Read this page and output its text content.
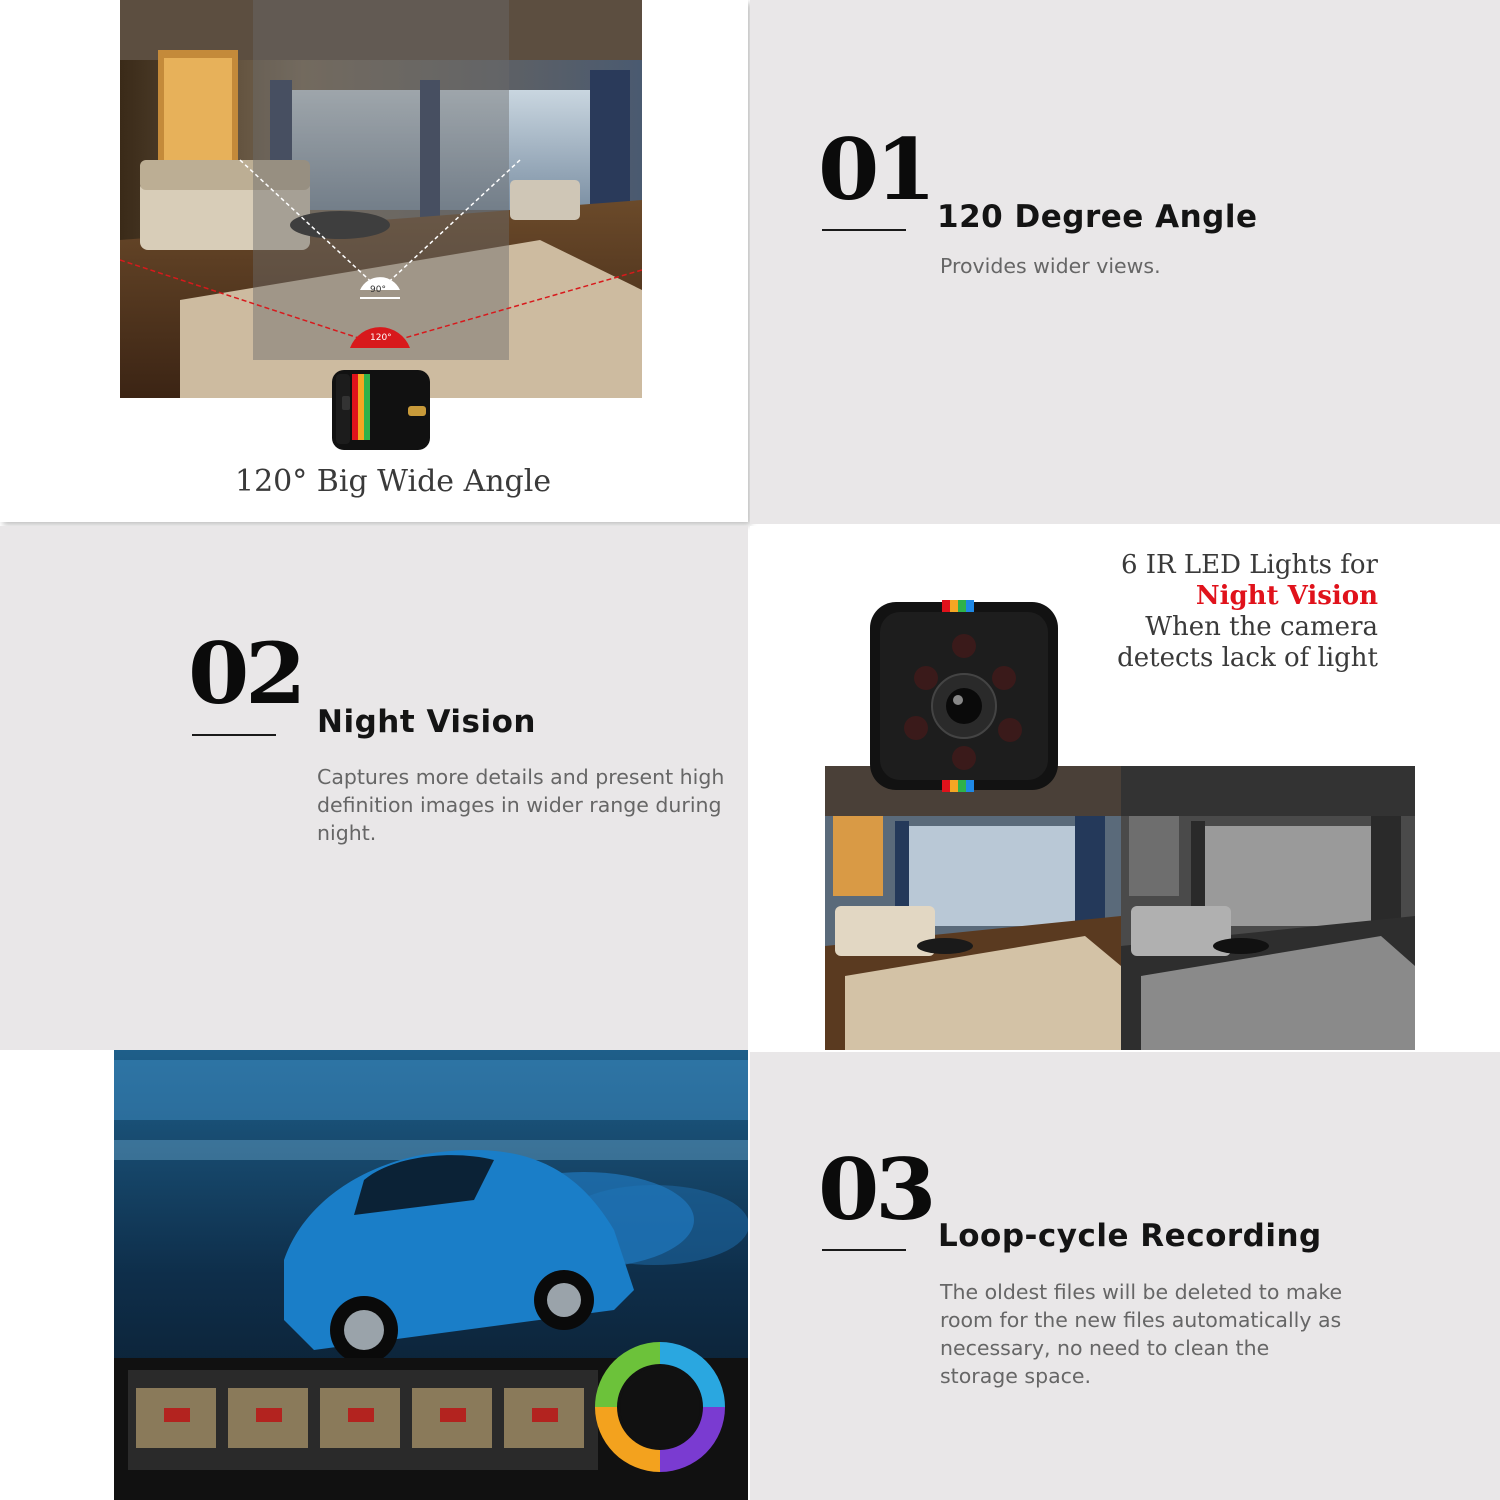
90°
120°
120° Big Wide Angle
01 120 Degree Angle
Provides wider views.
02 Night Vision
Captures more details and present high definition images in wider range during night.
6 IR LED Lights for
Night Vision
When the camera
detects lack of light
03 Loop-cycle Recording
The oldest files will be deleted to make room for the new files automatically as necessary, no need to clean the storage space.
